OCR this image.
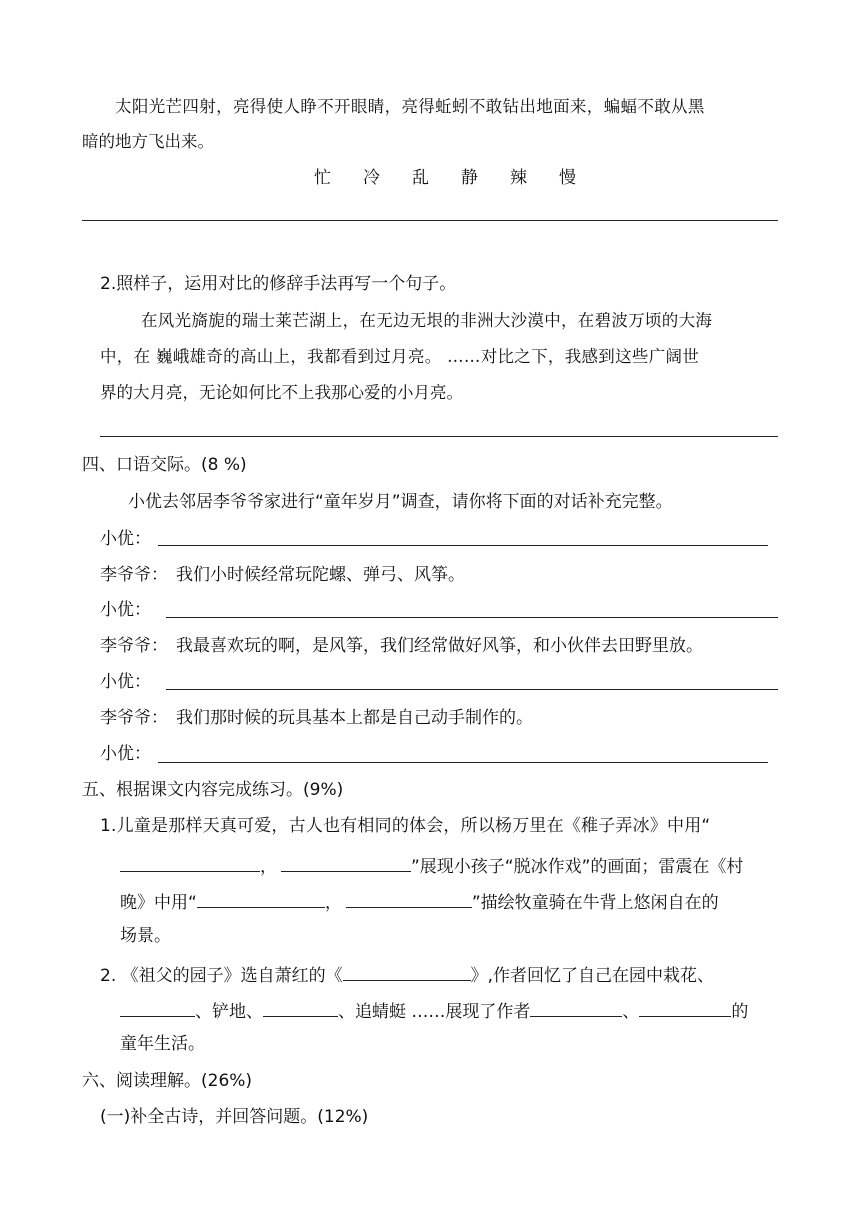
太阳光芒四射，亮得使人睁不开眼睛，亮得蚯蚓不敢钻出地面来，蝙蝠不敢从黑
暗的地方飞出来。
忙 冷 乱 静 辣 慢
2.照样子，运用对比的修辞手法再写一个句子。
在风光旖旎的瑞士莱芒湖上，在无边无垠的非洲大沙漠中，在碧波万顷的大海
中，在 巍峨雄奇的高山上，我都看到过月亮。 ……对比之下，我感到这些广阔世
界的大月亮，无论如何比不上我那心爱的小月亮。
四、口语交际。(8 %)
小优去邻居李爷爷家进行“童年岁月”调查，请你将下面的对话补充完整。
小优：
李爷爷： 我们小时候经常玩陀螺、弹弓、风筝。
小优：
李爷爷： 我最喜欢玩的啊，是风筝，我们经常做好风筝，和小伙伴去田野里放。
小优：
李爷爷： 我们那时候的玩具基本上都是自己动手制作的。
小优：
五、根据课文内容完成练习。(9%)
1.儿童是那样天真可爱，古人也有相同的体会，所以杨万里在《稚子弄冰》中用“
，	”展现小孩子“脱冰作戏”的画面；雷震在《村
晚》中用“	，	”描绘牧童骑在牛背上悠闲自在的
场景。
2. 《祖父的园子》选自萧红的《	》,作者回忆了自己在园中栽花、
、铲地、	、追蜻蜓 ……展现了作者	、	的
童年生活。
六、阅读理解。(26%)
(一)补全古诗，并回答问题。(12%)
